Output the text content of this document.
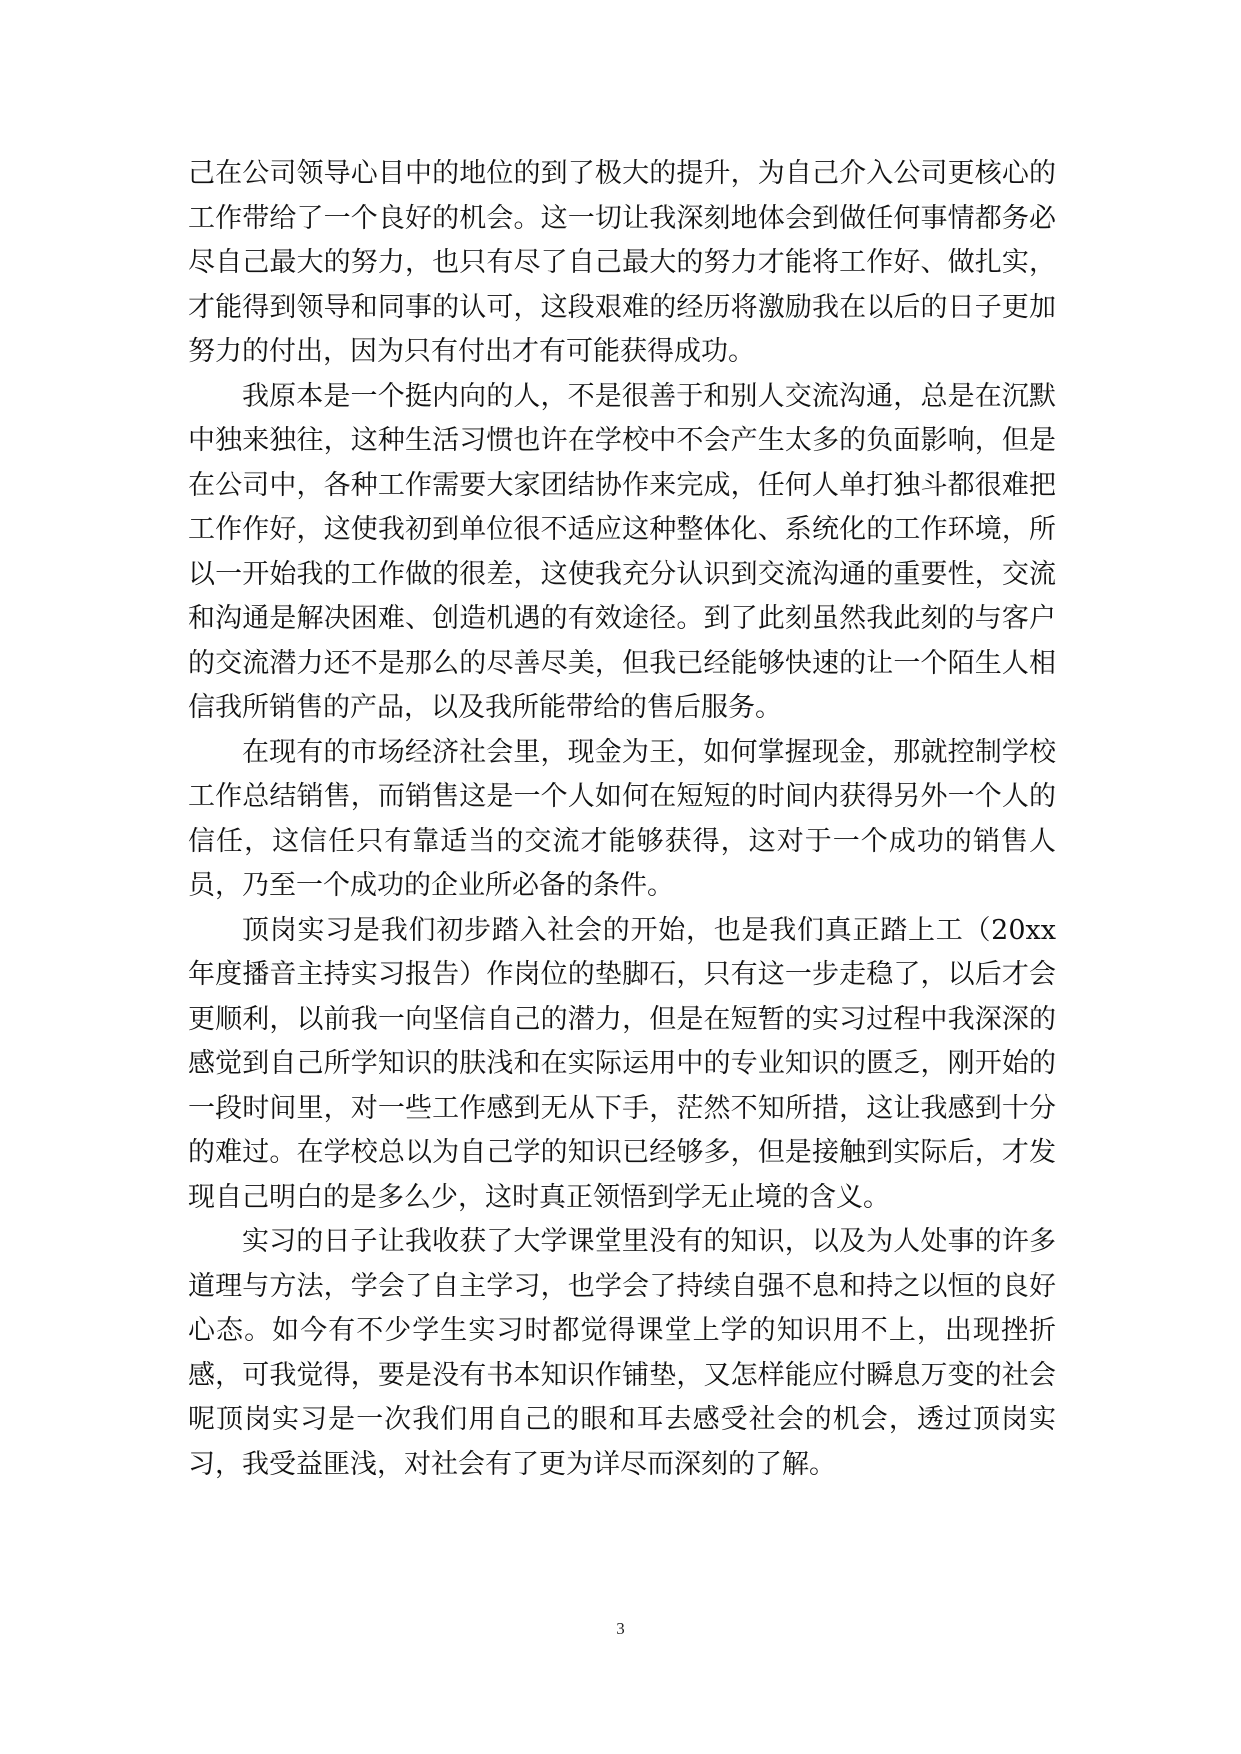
己在公司领导心目中的地位的到了极大的提升，为自己介入公司更核心的工作带给了一个良好的机会。这一切让我深刻地体会到做任何事情都务必尽自己最大的努力，也只有尽了自己最大的努力才能将工作好、做扎实，才能得到领导和同事的认可，这段艰难的经历将激励我在以后的日子更加努力的付出，因为只有付出才有可能获得成功。

我原本是一个挺内向的人，不是很善于和别人交流沟通，总是在沉默中独来独往，这种生活习惯也许在学校中不会产生太多的负面影响，但是在公司中，各种工作需要大家团结协作来完成，任何人单打独斗都很难把工作作好，这使我初到单位很不适应这种整体化、系统化的工作环境，所以一开始我的工作做的很差，这使我充分认识到交流沟通的重要性，交流和沟通是解决困难、创造机遇的有效途径。到了此刻虽然我此刻的与客户的交流潜力还不是那么的尽善尽美，但我已经能够快速的让一个陌生人相信我所销售的产品，以及我所能带给的售后服务。

在现有的市场经济社会里，现金为王，如何掌握现金，那就控制学校工作总结销售，而销售这是一个人如何在短短的时间内获得另外一个人的信任，这信任只有靠适当的交流才能够获得，这对于一个成功的销售人员，乃至一个成功的企业所必备的条件。

顶岗实习是我们初步踏入社会的开始，也是我们真正踏上工（20xx年度播音主持实习报告）作岗位的垫脚石，只有这一步走稳了，以后才会更顺利，以前我一向坚信自己的潜力，但是在短暂的实习过程中我深深的感觉到自己所学知识的肤浅和在实际运用中的专业知识的匮乏，刚开始的一段时间里，对一些工作感到无从下手，茫然不知所措，这让我感到十分的难过。在学校总以为自己学的知识已经够多，但是接触到实际后，才发现自己明白的是多么少，这时真正领悟到学无止境的含义。

实习的日子让我收获了大学课堂里没有的知识，以及为人处事的许多道理与方法，学会了自主学习，也学会了持续自强不息和持之以恒的良好心态。如今有不少学生实习时都觉得课堂上学的知识用不上，出现挫折感，可我觉得，要是没有书本知识作铺垫，又怎样能应付瞬息万变的社会呢顶岗实习是一次我们用自己的眼和耳去感受社会的机会，透过顶岗实习，我受益匪浅，对社会有了更为详尽而深刻的了解。

3
